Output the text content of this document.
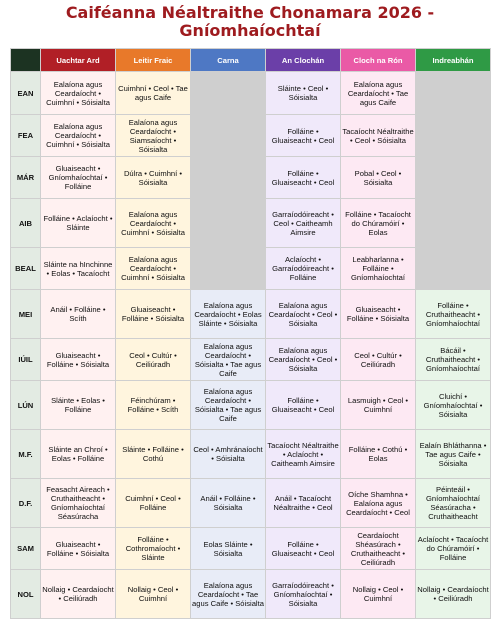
Caiféanna Néaltraithe Chonamara 2026 -
Gníomhaíochtaí
	Uachtar Ard	Leitir Fraic	Carna	An Clochán	Cloch na Rón	Indreabhán
EAN	Ealaíona agus Ceardaíocht • Cuimhní • Sóisialta	Cuimhní • Ceol • Tae agus Caife		Sláinte • Ceol • Sóisialta	Ealaíona agus Ceardaíocht • Tae agus Caife	
FEA	Ealaíona agus Ceardaíocht • Cuimhní • Sóisialta	Ealaíona agus Ceardaíocht • Siamsaíocht • Sóisialta		Folláine • Gluaiseacht • Ceol	Tacaíocht Néaltraithe • Ceol • Sóisialta	
MÁR	Gluaiseacht • Gníomhaíochtaí • Folláine	Dúlra • Cuimhní • Sóisialta		Folláine • Gluaiseacht • Ceol	Pobal • Ceol • Sóisialta	
AIB	Folláine • Aclaíocht • Sláinte	Ealaíona agus Ceardaíocht • Cuimhní • Sóisialta		Garraíodóireacht • Ceol • Caitheamh Aimsire	Folláine • Tacaíocht do Chúramóirí • Eolas	
BEAL	Sláinte na hInchinne • Eolas • Tacaíocht	Ealaíona agus Ceardaíocht • Cuimhní • Sóisialta		Aclaíocht • Garraíodóireacht • Folláine	Leabharlanna • Folláine • Gníomhaíochtaí	
MEI	Anáil • Folláine • Scíth	Gluaiseacht • Folláine • Sóisialta	Ealaíona agus Ceardaíocht • Eolas Sláinte • Sóisialta	Ealaíona agus Ceardaíocht • Ceol • Sóisialta	Gluaiseacht • Folláine • Sóisialta	Folláine • Cruthaitheacht • Gníomhaíochtaí
IÚIL	Gluaiseacht • Folláine • Sóisialta	Ceol • Cultúr • Ceiliúradh	Ealaíona agus Ceardaíocht • Sóisialta • Tae agus Caife	Ealaíona agus Ceardaíocht • Ceol • Sóisialta	Ceol • Cultúr • Ceiliúradh	Bácáil • Cruthaitheacht • Gníomhaíochtaí
LÚN	Sláinte • Eolas • Folláine	Féinchúram • Folláine • Scíth	Ealaíona agus Ceardaíocht • Sóisialta • Tae agus Caife	Folláine • Gluaiseacht • Ceol	Lasmuigh • Ceol • Cuimhní	Cluichí • Gníomhaíochtaí • Sóisialta
M.F.	Sláinte an Chroí • Eolas • Folláine	Sláinte • Folláine • Cothú	Ceol • Amhránaíocht • Sóisialta	Tacaíocht Néaltraithe • Aclaíocht • Caitheamh Aimsire	Folláine • Cothú • Eolas	Ealaín Bhláthanna • Tae agus Caife • Sóisialta
D.F.	Feasacht Aireach • Cruthaitheacht • Gníomhaíochtaí Séasúracha	Cuimhní • Ceol • Folláine	Anáil • Folláine • Sóisialta	Anáil • Tacaíocht Néaltraithe • Ceol	Oíche Shamhna • Ealaíona agus Ceardaíocht • Ceol	Péinteáil • Gníomhaíochtaí Séasúracha • Cruthaitheacht
SAM	Gluaiseacht • Folláine • Sóisialta	Folláine • Cothromaíocht • Sláinte	Eolas Sláinte • Sóisialta	Folláine • Gluaiseacht • Ceol	Ceardaíocht Shéasúrach • Cruthaitheacht • Ceiliúradh	Aclaíocht • Tacaíocht do Chúramóirí • Folláine
NOL	Nollaig • Ceardaíocht • Ceiliúradh	Nollaig • Ceol • Cuimhní	Ealaíona agus Ceardaíocht • Tae agus Caife • Sóisialta	Garraíodóireacht • Gníomhaíochtaí • Sóisialta	Nollaig • Ceol • Cuimhní	Nollaig • Ceardaíocht • Ceiliúradh
